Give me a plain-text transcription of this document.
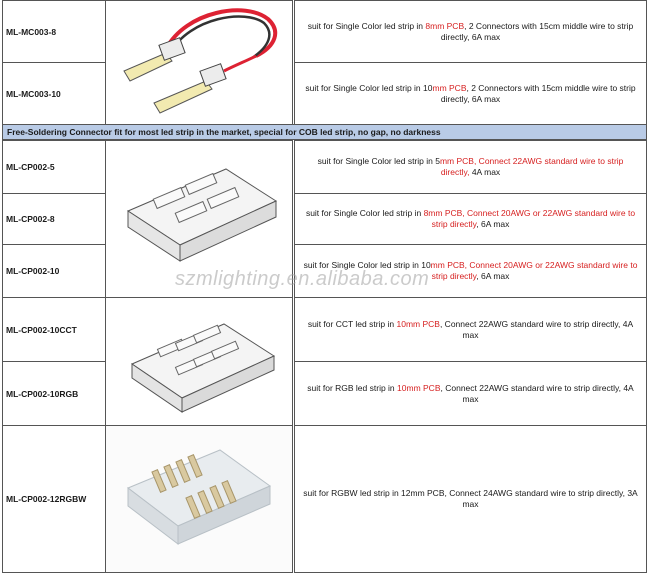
ML-MC003-8
suit for Single Color led strip in 8mm PCB, 2 Connectors with 15cm middle wire to strip directly, 6A max
ML-MC003-10
suit for Single Color led strip in 10mm PCB, 2 Connectors with 15cm middle wire to strip directly, 6A max
ML-CP002-5
suit for Single Color led strip in 5mm PCB, Connect 22AWG standard wire to strip directly, 4A max
ML-CP002-8
suit for Single Color led strip in 8mm PCB, Connect 20AWG or 22AWG standard wire to strip directly, 6A max
ML-CP002-10
suit for Single Color led strip in 10mm PCB, Connect 20AWG or 22AWG standard wire to strip directly, 6A max
ML-CP002-10CCT
suit for CCT led strip in 10mm PCB, Connect 22AWG standard wire to strip directly, 4A max
ML-CP002-10RGB
suit for RGB led strip in 10mm PCB, Connect 22AWG standard wire to strip directly, 4A max
ML-CP002-12RGBW
suit for RGBW led strip in 12mm PCB, Connect 24AWG standard wire to strip directly, 3A max
Free-Soldering Connector fit for most led strip in the market, special for COB led strip, no gap, no darkness
szmlighting.en.alibaba.com
